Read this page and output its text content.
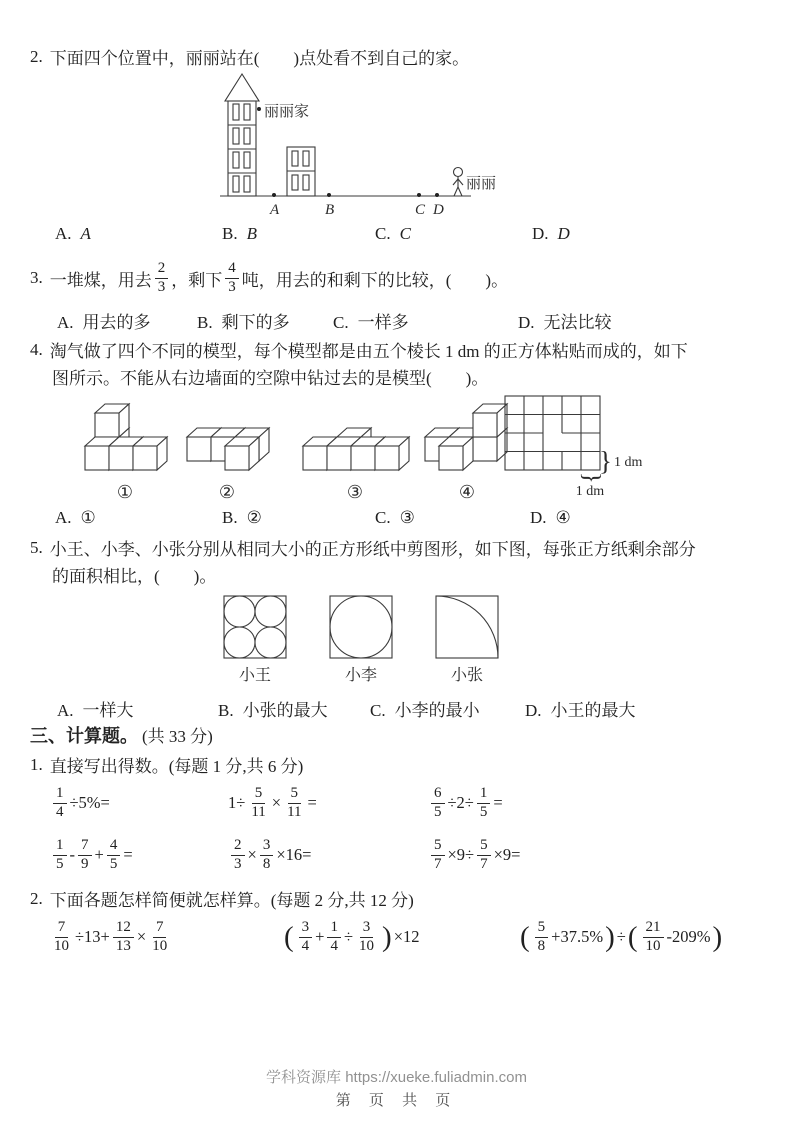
2. 下面四个位置中，丽丽站在(　　)点处看不到自己的家。
丽丽家
A	B	C D
丽丽
A. A	B. B	C. C	D. D
3. 一堆煤，用去 $\frac{2}{3}$ ，剩下 $\frac{4}{3}$ 吨，用去的和剩下的比较，(　　)。
A. 用去的多	B. 剩下的多	C. 一样多	D. 无法比较
4. 淘气做了四个不同的模型，每个模型都是由五个棱长 1 dm 的正方体粘贴而成的，如下
图所示。不能从右边墙面的空隙中钻过去的是模型(　　)。
①	②	③	④
} 1 dm
}
1 dm
A. ①	B. ②	C. ③	D. ④
5. 小王、小李、小张分别从相同大小的正方形纸中剪图形，如下图，每张正方纸剩余部分
的面积相比，(　　)。
小王	小李	小张
A. 一样大	B. 小张的最大 C. 小李的最小	D. 小王的最大
三、计算题。 (共 33 分)
1. 直接写出得数。 (每题 1 分,共 6 分)
$\frac{1}{4} \div 5\%=$	$1\div \frac{5}{11} \times \frac{5}{11}$ =	$\frac{6}{5} \div 2\div \frac{1}{5}$ =
$\frac{1}{5} - \frac{7}{9} + \frac{4}{5}$ =	$\frac{2}{3} \times \frac{3}{8} \times 16=$	$\frac{5}{7} \times 9\div \frac{5}{7} \times 9=$
2. 下面各题怎样简便就怎样算。 (每题 2 分,共 12 分)
$\frac{7}{10} \div 13+ \frac{12}{13} \times \frac{7}{10}$	( $\frac{3}{4} + \frac{1}{4} \div \frac{3}{10}$ ) ×12	( $\frac{5}{8} +37.5\%$ ) ÷ ( $\frac{21}{10} -209\%$ )
学科资源库 https://xueke.fuliadmin.com
第 页 共 页
